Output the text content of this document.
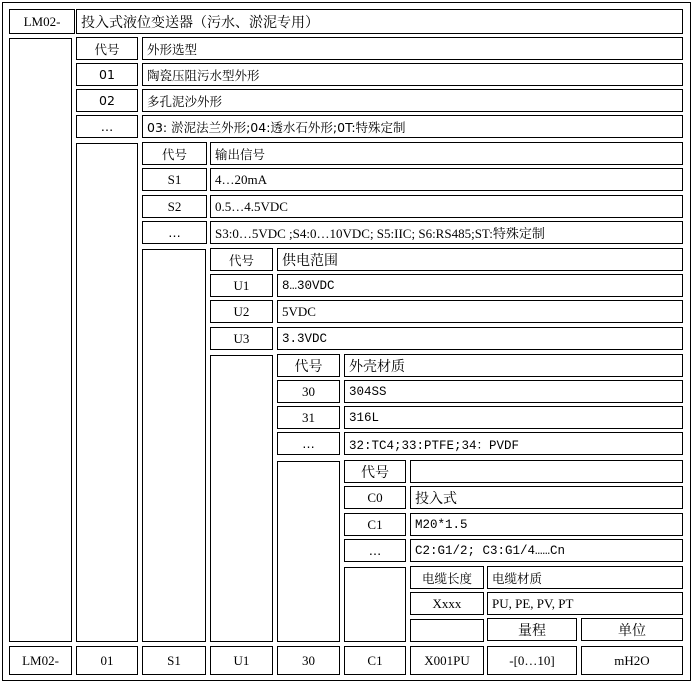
LM02-	投入式液位变送器（污水、淤泥专用）
代号	外形选型
01	陶瓷压阻污水型外形
02	多孔泥沙外形
…	03: 淤泥法兰外形;04:透水石外形;0T:特殊定制
代号	输出信号
S1	4…20mA
S2	0.5…4.5VDC
…	S3:0…5VDC ;S4:0…10VDC; S5:IIC; S6:RS485;ST:特殊定制
代号	供电范围
U1	8…30VDC
U2	5VDC
U3	3.3VDC
代号	外壳材质
30	304SS
31	316L
…	32:TC4;33:PTFE;34：PVDF
代号
C0	投入式
C1	M20*1.5
…	C2:G1/2; C3:G1/4……Cn
电缆长度	电缆材质
Xxxx	PU, PE, PV, PT
量程	单位
LM02-	01	S1	U1	30	C1	X001PU	-[0…10]	mH2O
